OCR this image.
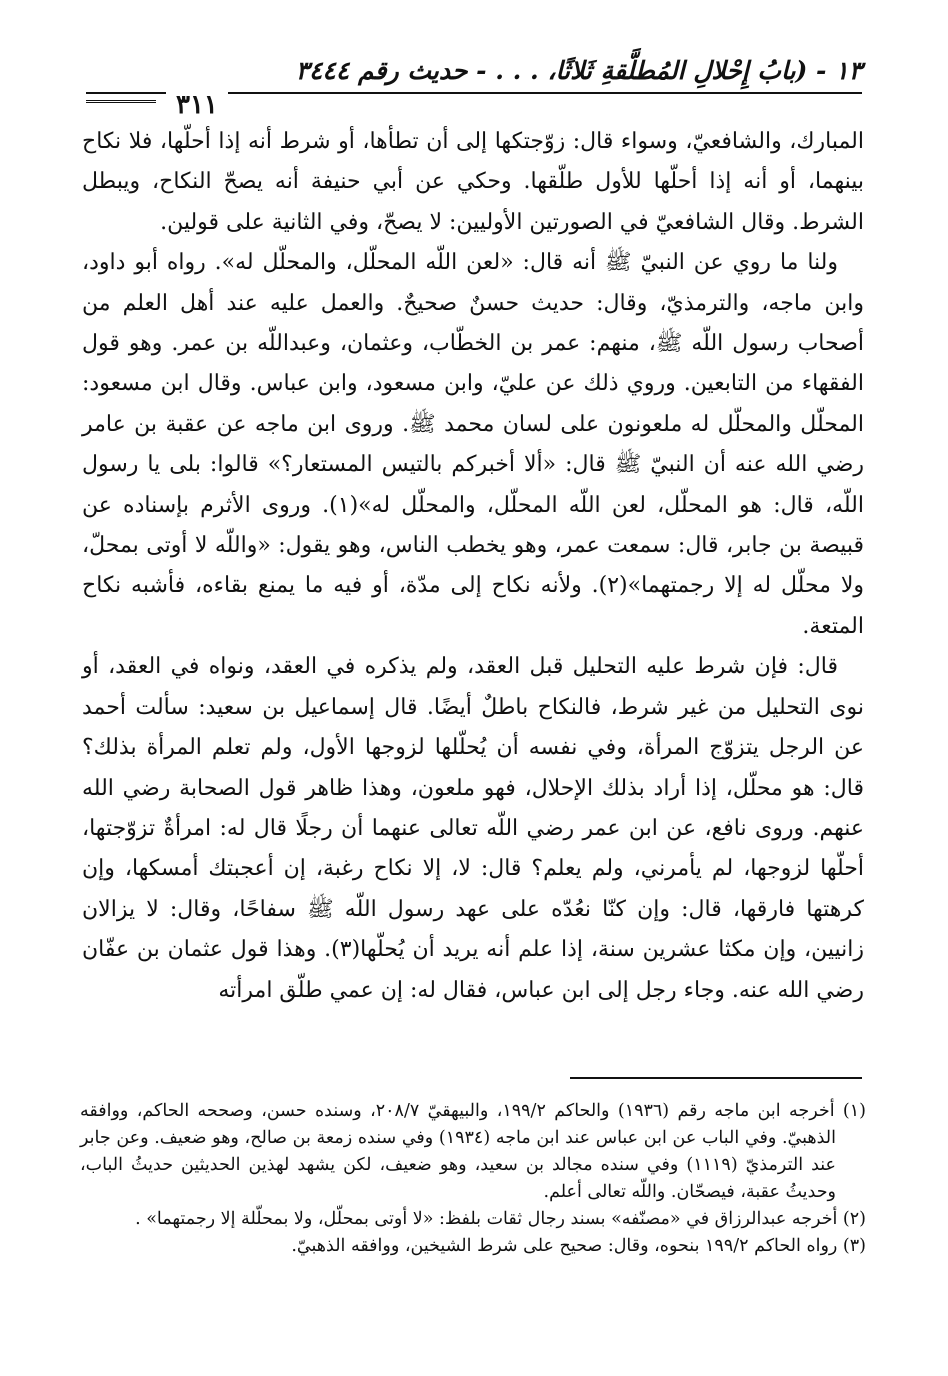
١٣ - (بابُ إِحْلالِ المُطلَّقةِ ثَلاثًا، . . . - حديث رقم ٣٤٤٤
٣١١

المبارك، والشافعيّ، وسواء قال: زوّجتكها إلى أن تطأها، أو شرط أنه إذا أحلّها، فلا نكاح بينهما، أو أنه إذا أحلّها للأول طلّقها. وحكي عن أبي حنيفة أنه يصحّ النكاح، ويبطل الشرط. وقال الشافعيّ في الصورتين الأوليين: لا يصحّ، وفي الثانية على قولين.

ولنا ما روي عن النبيّ ﷺ أنه قال: «لعن اللّه المحلّل، والمحلّل له». رواه أبو داود، وابن ماجه، والترمذيّ، وقال: حديث حسنٌ صحيحٌ. والعمل عليه عند أهل العلم من أصحاب رسول اللّه ﷺ، منهم: عمر بن الخطّاب، وعثمان، وعبداللّه بن عمر. وهو قول الفقهاء من التابعين. وروي ذلك عن عليّ، وابن مسعود، وابن عباس. وقال ابن مسعود: المحلّل والمحلّل له ملعونون على لسان محمد ﷺ. وروى ابن ماجه عن عقبة بن عامر رضي الله عنه أن النبيّ ﷺ قال: «ألا أخبركم بالتيس المستعار؟» قالوا: بلى يا رسول اللّه، قال: هو المحلّل، لعن اللّه المحلّل، والمحلّل له»(١). وروى الأثرم بإسناده عن قبيصة بن جابر، قال: سمعت عمر، وهو يخطب الناس، وهو يقول: «واللّه لا أوتى بمحلّ، ولا محلّل له إلا رجمتهما»(٢). ولأنه نكاح إلى مدّة، أو فيه ما يمنع بقاءه، فأشبه نكاح المتعة.

قال: فإن شرط عليه التحليل قبل العقد، ولم يذكره في العقد، ونواه في العقد، أو نوى التحليل من غير شرط، فالنكاح باطلٌ أيضًا. قال إسماعيل بن سعيد: سألت أحمد عن الرجل يتزوّج المرأة، وفي نفسه أن يُحلّلها لزوجها الأول، ولم تعلم المرأة بذلك؟ قال: هو محلّل، إذا أراد بذلك الإحلال، فهو ملعون، وهذا ظاهر قول الصحابة رضي الله عنهم. وروى نافع، عن ابن عمر رضي اللّه تعالى عنهما أن رجلًا قال له: امرأةٌ تزوّجتها، أحلّها لزوجها، لم يأمرني، ولم يعلم؟ قال: لا، إلا نكاح رغبة، إن أعجبتك أمسكها، وإن كرهتها فارقها، قال: وإن كنّا نعُدّه على عهد رسول اللّه ﷺ سفاحًا، وقال: لا يزالان زانيين، وإن مكثا عشرين سنة، إذا علم أنه يريد أن يُحلّها(٣). وهذا قول عثمان بن عفّان رضي الله عنه. وجاء رجل إلى ابن عباس، فقال له: إن عمي طلّق امرأته

(١) أخرجه ابن ماجه رقم (١٩٣٦) والحاكم ١٩٩/٢، والبيهقيّ ٢٠٨/٧، وسنده حسن، وصححه الحاكم، ووافقه الذهبيّ. وفي الباب عن ابن عباس عند ابن ماجه (١٩٣٤) وفي سنده زمعة بن صالح، وهو ضعيف. وعن جابر عند الترمذيّ (١١١٩) وفي سنده مجالد بن سعيد، وهو ضعيف، لكن يشهد لهذين الحديثين حديثُ الباب، وحديثُ عقبة، فيصحّان. واللّه تعالى أعلم.

(٢) أخرجه عبدالرزاق في «مصنّفه» بسند رجال ثقات بلفظ: «لا أوتى بمحلّل، ولا بمحلّلة إلا رجمتهما» .

(٣) رواه الحاكم ١٩٩/٢ بنحوه، وقال: صحيح على شرط الشيخين، ووافقه الذهبيّ.
